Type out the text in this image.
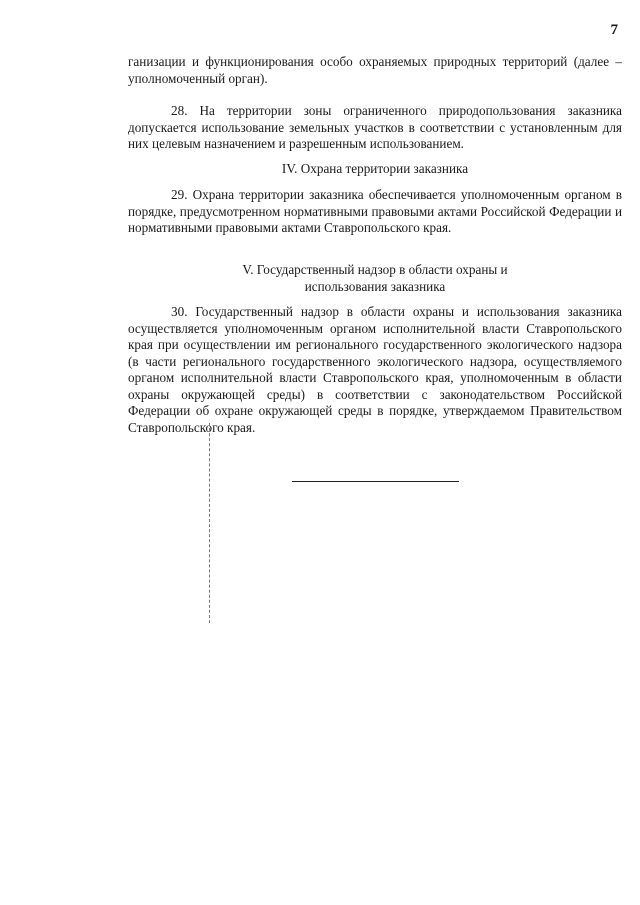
7

ганизации и функционирования особо охраняемых природных территорий (далее – уполномоченный орган).

28. На территории зоны ограниченного природопользования заказника допускается использование земельных участков в соответствии с установленным для них целевым назначением и разрешенным использованием.

IV. Охрана территории заказника

29. Охрана территории заказника обеспечивается уполномоченным органом в порядке, предусмотренном нормативными правовыми актами Российской Федерации и нормативными правовыми актами Ставропольского края.

V. Государственный надзор в области охраны и
использования заказника

30. Государственный надзор в области охраны и использования заказника осуществляется уполномоченным органом исполнительной власти Ставропольского края при осуществлении им регионального государственного экологического надзора (в части регионального государственного экологического надзора, осуществляемого органом исполнительной власти Ставропольского края, уполномоченным в области охраны окружающей среды) в соответствии с законодательством Российской Федерации об охране окружающей среды в порядке, утверждаемом Правительством Ставропольского края.
